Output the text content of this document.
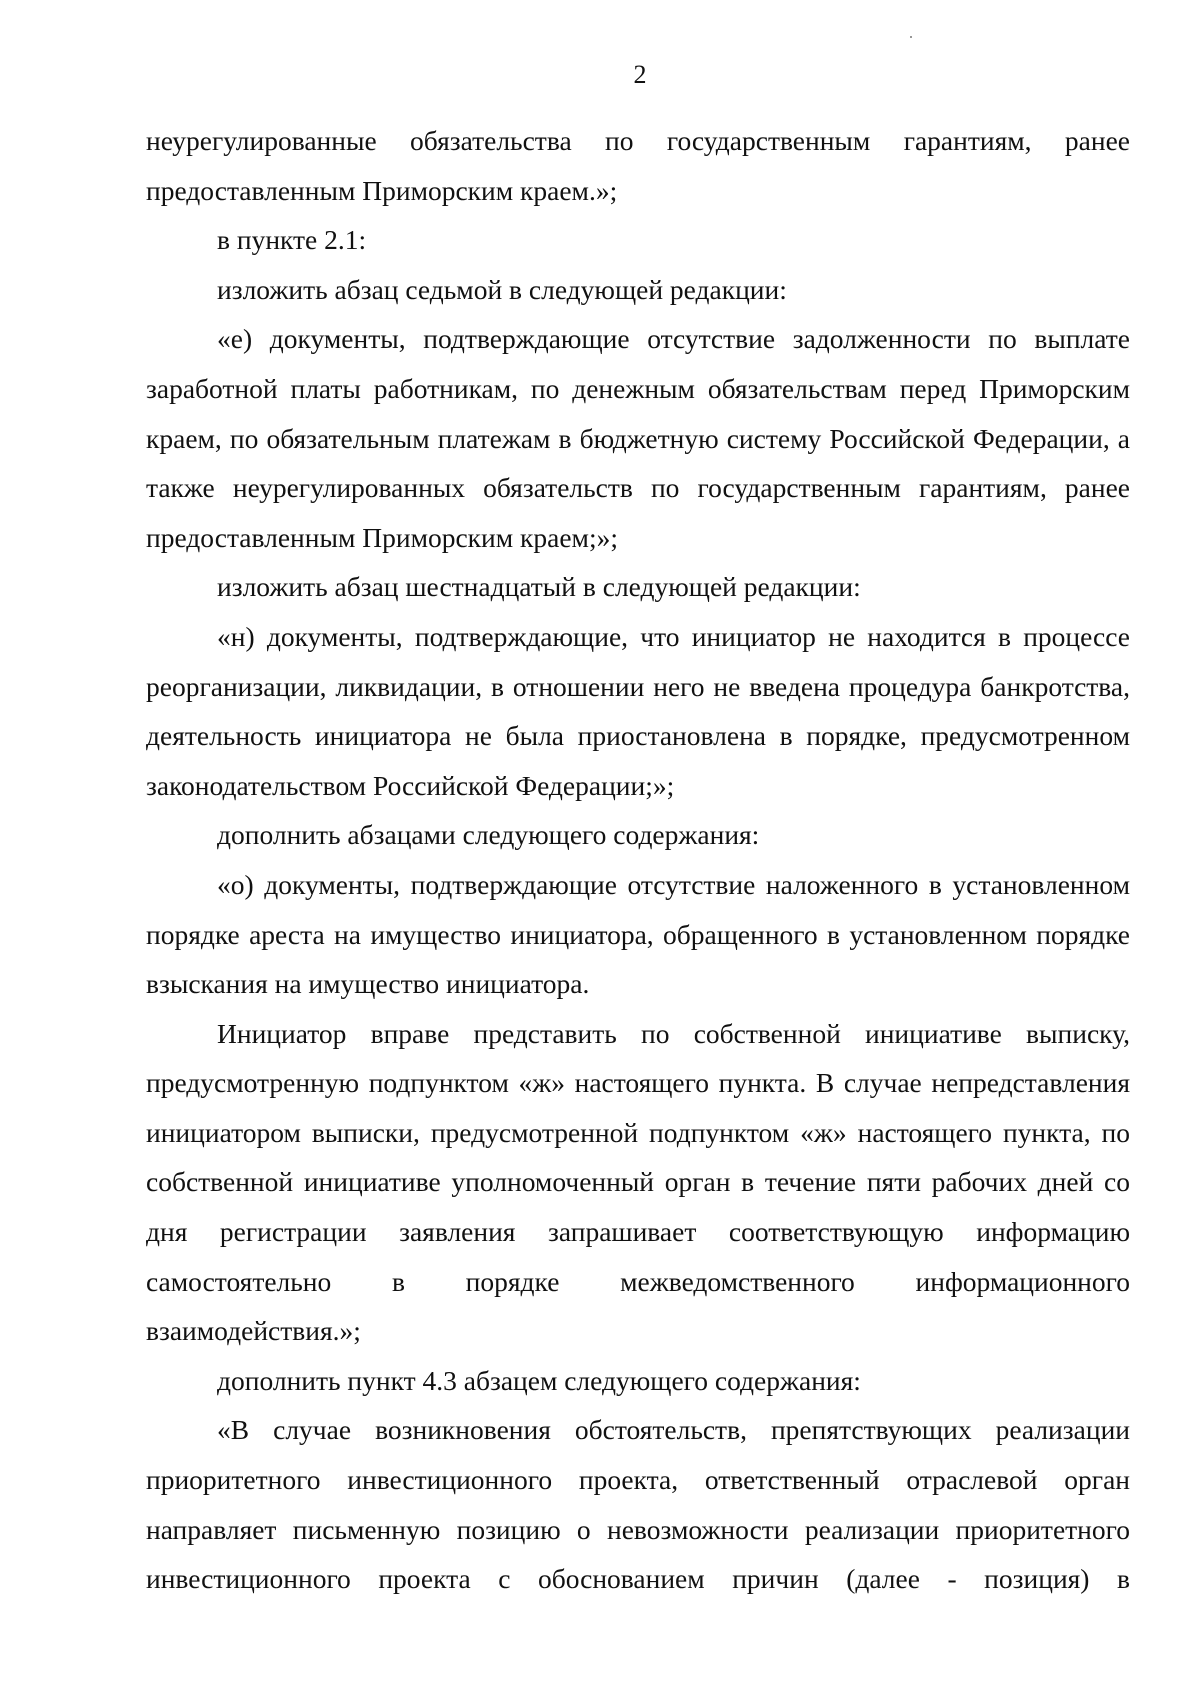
2

неурегулированные обязательства по государственным гарантиям, ранее предоставленным Приморским краем.»;

в пункте 2.1:

изложить абзац седьмой в следующей редакции:

«е) документы, подтверждающие отсутствие задолженности по выплате заработной платы работникам, по денежным обязательствам перед Приморским краем, по обязательным платежам в бюджетную систему Российской Федерации, а также неурегулированных обязательств по государственным гарантиям, ранее предоставленным Приморским краем;»;

изложить абзац шестнадцатый в следующей редакции:

«н) документы, подтверждающие, что инициатор не находится в процессе реорганизации, ликвидации, в отношении него не введена процедура банкротства, деятельность инициатора не была приостановлена в порядке, предусмотренном законодательством Российской Федерации;»;

дополнить абзацами следующего содержания:

«о) документы, подтверждающие отсутствие наложенного в установленном порядке ареста на имущество инициатора, обращенного в установленном порядке взыскания на имущество инициатора.

Инициатор вправе представить по собственной инициативе выписку, предусмотренную подпунктом «ж» настоящего пункта. В случае непредставления инициатором выписки, предусмотренной подпунктом «ж» настоящего пункта, по собственной инициативе уполномоченный орган в течение пяти рабочих дней со дня регистрации заявления запрашивает соответствующую информацию самостоятельно в порядке межведомственного информационного взаимодействия.»;

дополнить пункт 4.3 абзацем следующего содержания:

«В случае возникновения обстоятельств, препятствующих реализации приоритетного инвестиционного проекта, ответственный отраслевой орган направляет письменную позицию о невозможности реализации приоритетного инвестиционного проекта с обоснованием причин (далее - позиция) в
